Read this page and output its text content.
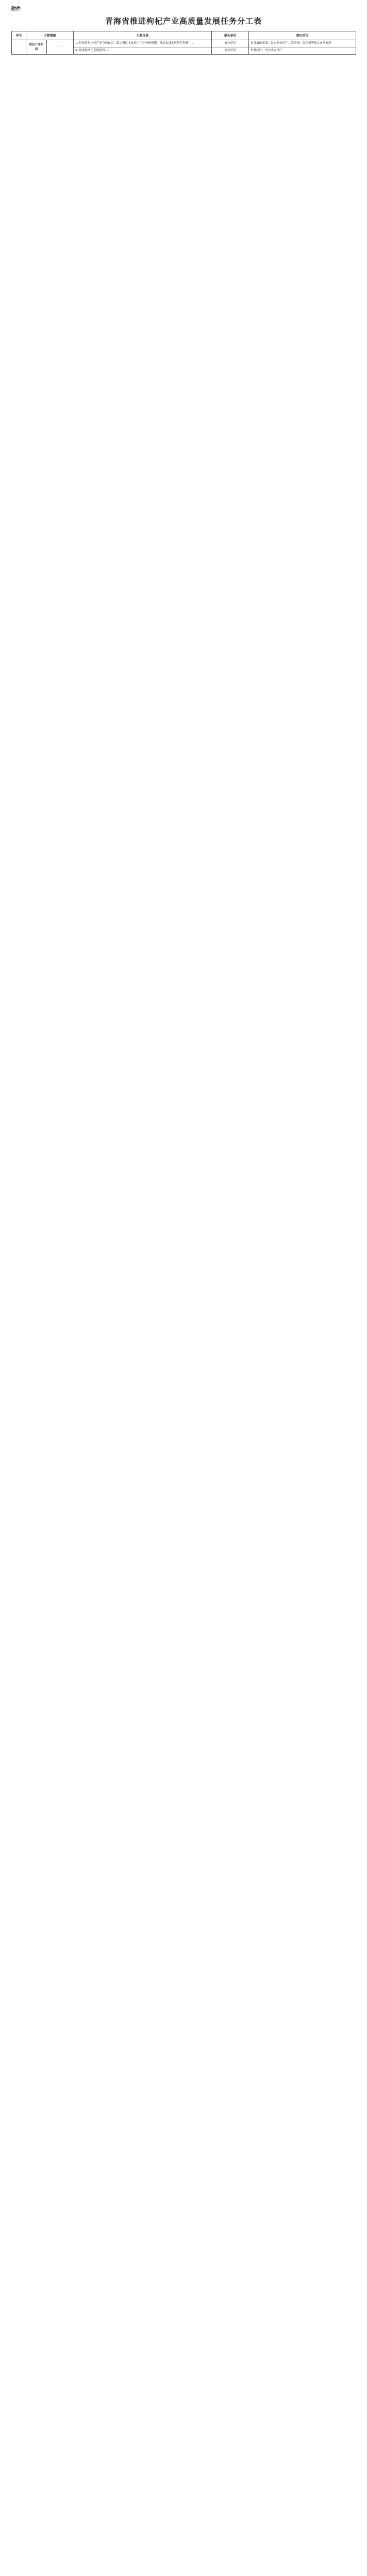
附件
青海省推进枸杞产业高质量发展任务分工表
序号	主要措施		主要任务	牵头单位	责任单位
一	优化产业布局	（一）	1. 持续优化枸杞产业空间布局，稳定柴达木盆地主产区种植规模，推动东部地区特色种植……	省林草局	省发展改革委、省农业农村厅、海西州、海东市等相关市州政府
			2. 推进标准化基地建设……	省林草局	省财政厅、省农业农村厅
